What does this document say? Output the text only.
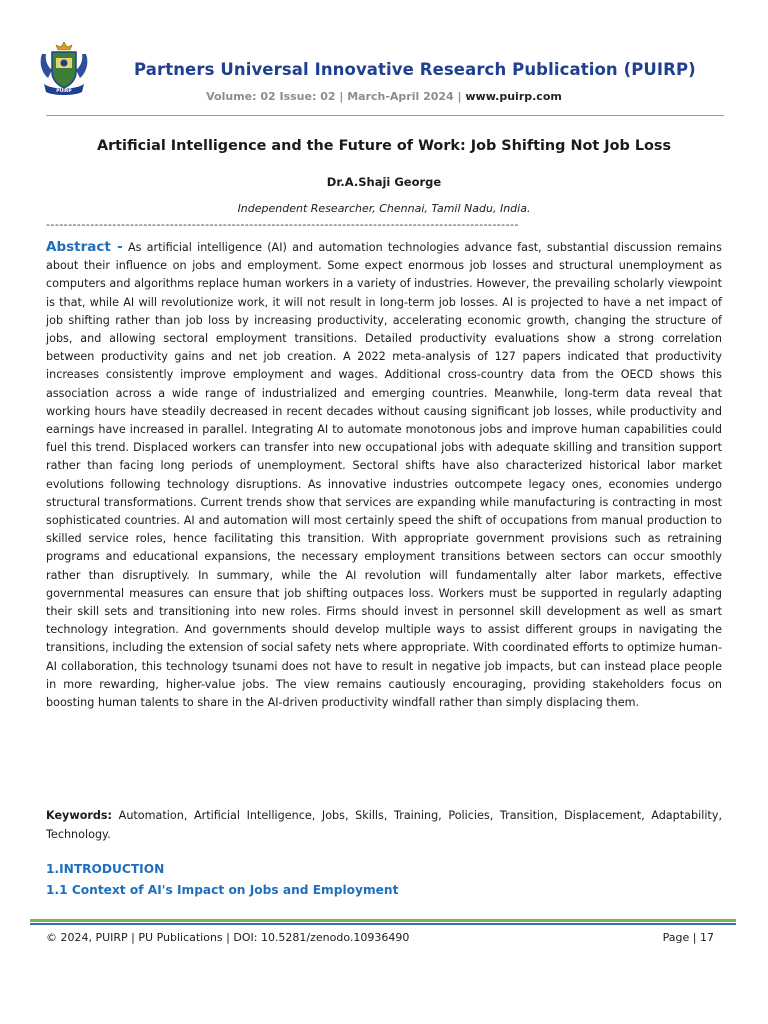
PUIRP
Partners Universal Innovative Research Publication (PUIRP)
Volume: 02 Issue: 02 | March-April 2024 | www.puirp.com
Artificial Intelligence and the Future of Work: Job Shifting Not Job Loss
Dr.A.Shaji George
Independent Researcher, Chennai, Tamil Nadu, India.
-----------------------------------------------------------------------------------------------------------
Abstract - As artificial intelligence (AI) and automation technologies advance fast, substantial discussion remains about their influence on jobs and employment. Some expect enormous job losses and structural unemployment as computers and algorithms replace human workers in a variety of industries. However, the prevailing scholarly viewpoint is that, while AI will revolutionize work, it will not result in long-term job losses. AI is projected to have a net impact of job shifting rather than job loss by increasing productivity, accelerating economic growth, changing the structure of jobs, and allowing sectoral employment transitions. Detailed productivity evaluations show a strong correlation between productivity gains and net job creation. A 2022 meta-analysis of 127 papers indicated that productivity increases consistently improve employment and wages. Additional cross-country data from the OECD shows this association across a wide range of industrialized and emerging countries. Meanwhile, long-term data reveal that working hours have steadily decreased in recent decades without causing significant job losses, while productivity and earnings have increased in parallel. Integrating AI to automate monotonous jobs and improve human capabilities could fuel this trend. Displaced workers can transfer into new occupational jobs with adequate skilling and transition support rather than facing long periods of unemployment. Sectoral shifts have also characterized historical labor market evolutions following technology disruptions. As innovative industries outcompete legacy ones, economies undergo structural transformations. Current trends show that services are expanding while manufacturing is contracting in most sophisticated countries. AI and automation will most certainly speed the shift of occupations from manual production to skilled service roles, hence facilitating this transition. With appropriate government provisions such as retraining programs and educational expansions, the necessary employment transitions between sectors can occur smoothly rather than disruptively. In summary, while the AI revolution will fundamentally alter labor markets, effective governmental measures can ensure that job shifting outpaces loss. Workers must be supported in regularly adapting their skill sets and transitioning into new roles. Firms should invest in personnel skill development as well as smart technology integration. And governments should develop multiple ways to assist different groups in navigating the transitions, including the extension of social safety nets where appropriate. With coordinated efforts to optimize human-AI collaboration, this technology tsunami does not have to result in negative job impacts, but can instead place people in more rewarding, higher-value jobs. The view remains cautiously encouraging, providing stakeholders focus on boosting human talents to share in the AI-driven productivity windfall rather than simply displacing them.
Keywords: Automation, Artificial Intelligence, Jobs, Skills, Training, Policies, Transition, Displacement, Adaptability, Technology.
1.INTRODUCTION
1.1 Context of AI's Impact on Jobs and Employment
© 2024, PUIRP | PU Publications | DOI: 10.5281/zenodo.10936490	Page | 17
